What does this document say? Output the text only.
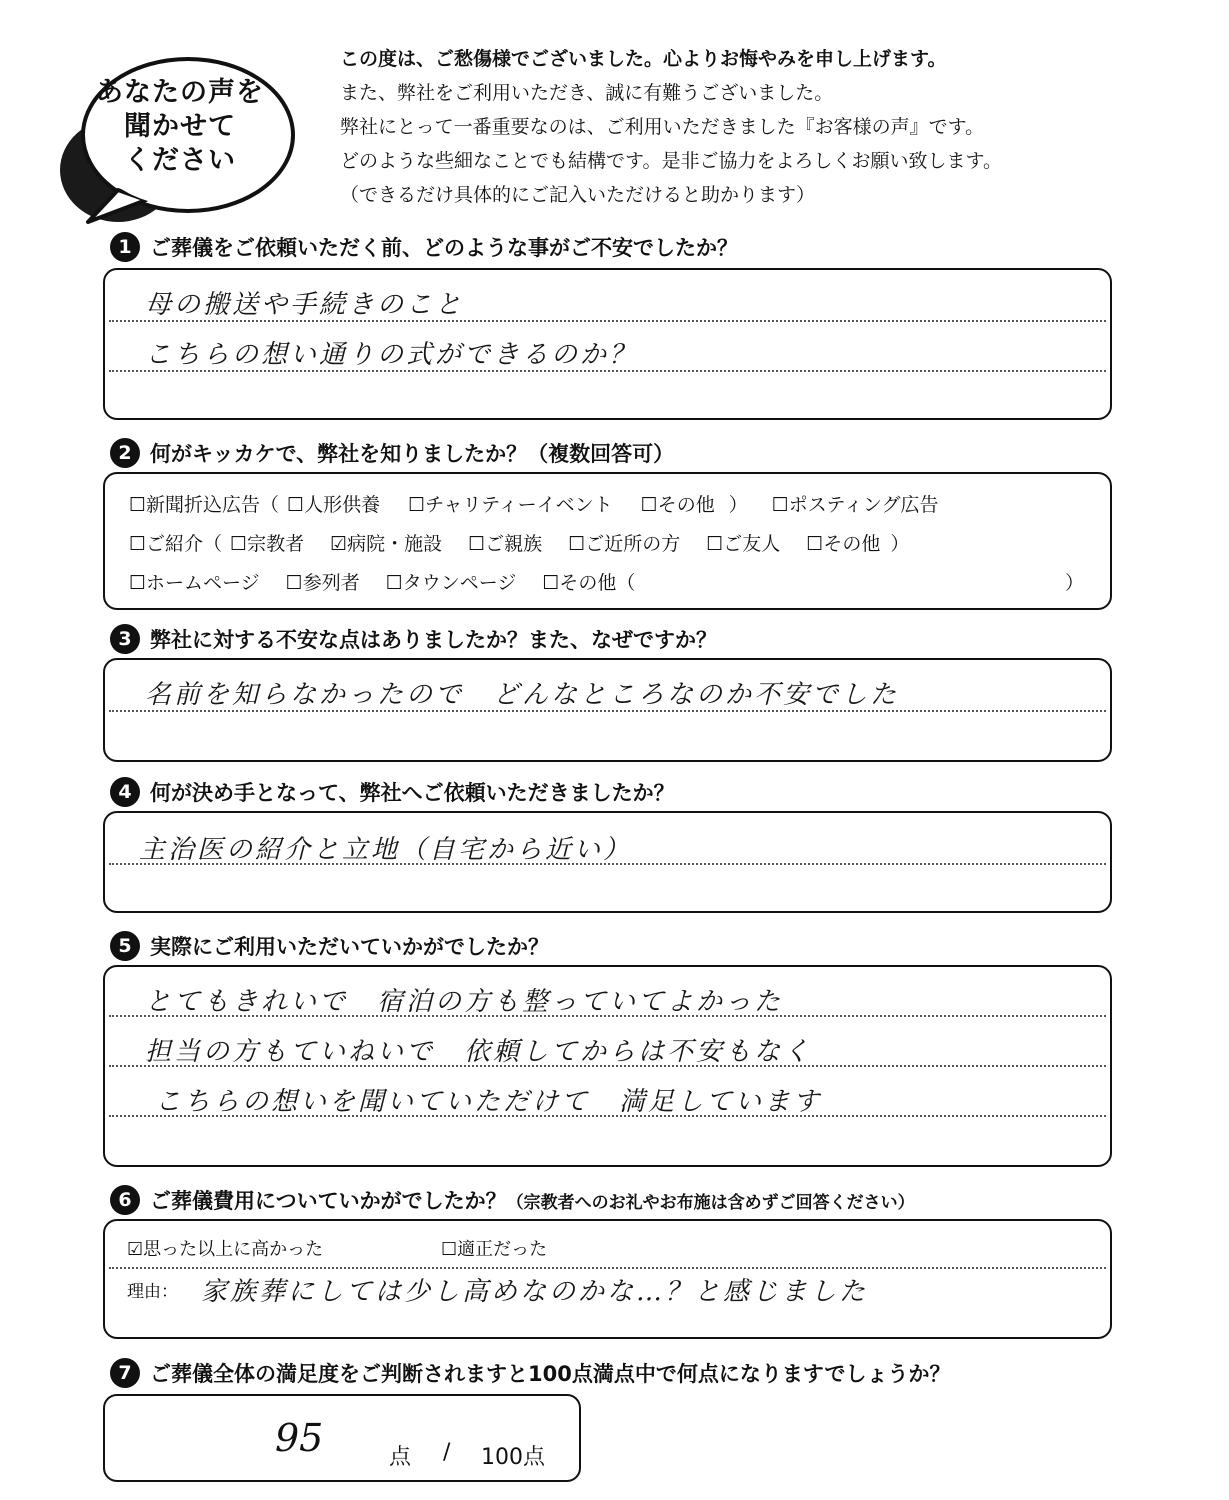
あなたの声を
聞かせて
ください
この度は、ご愁傷様でございました。心よりお悔やみを申し上げます。
また、弊社をご利用いただき、誠に有難うございました。
弊社にとって一番重要なのは、ご利用いただきました『お客様の声』です。
どのような些細なことでも結構です。是非ご協力をよろしくお願い致します。
（できるだけ具体的にご記入いただけると助かります）
1 ご葬儀をご依頼いただく前、どのような事がご不安でしたか？
母の搬送や手続きのこと
こちらの想い通りの式ができるのか？
2 何がキッカケで、弊社を知りましたか？（複数回答可）
☐新聞折込広告（ ☐人形供養 ☐チャリティーイベント ☐その他 ） ☐ポスティング広告
☐ご紹介（ ☐宗教者 ☑病院・施設 ☐ご親族 ☐ご近所の方 ☐ご友人 ☐その他 ）
☐ホームページ ☐参列者 ☐タウンページ ☐その他（	）
3 弊社に対する不安な点はありましたか？また、なぜですか？
名前を知らなかったので　どんなところなのか不安でした
4 何が決め手となって、弊社へご依頼いただきましたか？
主治医の紹介と立地（自宅から近い）
5 実際にご利用いただいていかがでしたか？
とてもきれいで　宿泊の方も整っていてよかった
担当の方もていねいで　依頼してからは不安もなく
こちらの想いを聞いていただけて　満足しています
6 ご葬儀費用についていかがでしたか？ （宗教者へのお礼やお布施は含めずご回答ください）
☑思った以上に高かった	☐適正だった
理由： 家族葬にしては少し高めなのかな…？と感じました
7 ご葬儀全体の満足度をご判断されますと100点満点中で何点になりますでしょうか？
95	点 / 100点
